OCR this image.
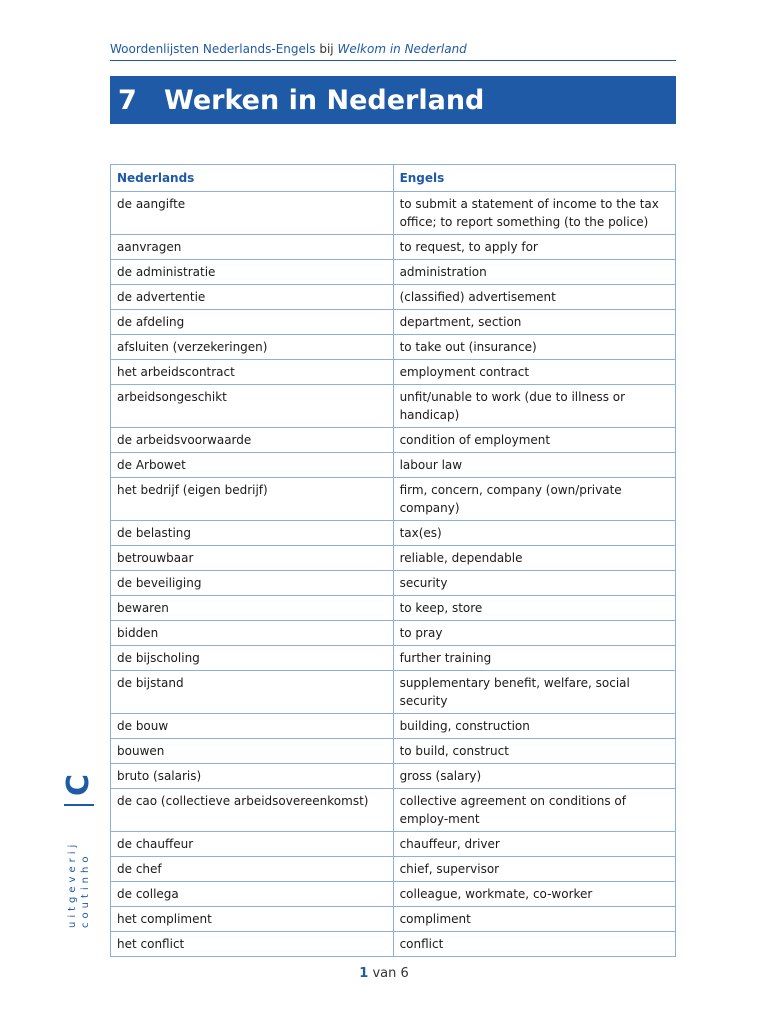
Woordenlijsten Nederlands-Engels bij Welkom in Nederland
7	Werken in Nederland
Nederlands	Engels
de aangifte	to submit a statement of income to the tax office; to report something (to the police)
aanvragen	to request, to apply for
de administratie	administration
de advertentie	(classified) advertisement
de afdeling	department, section
afsluiten (verzekeringen)	to take out (insurance)
het arbeidscontract	employment contract
arbeidsongeschikt	unfit/unable to work (due to illness or handicap)
de arbeidsvoorwaarde	condition of employment
de Arbowet	labour law
het bedrijf (eigen bedrijf)	firm, concern, company (own/private company)
de belasting	tax(es)
betrouwbaar	reliable, dependable
de beveiliging	security
bewaren	to keep, store
bidden	to pray
de bijscholing	further training
de bijstand	supplementary benefit, welfare, social security
de bouw	building, construction
bouwen	to build, construct
bruto (salaris)	gross (salary)
de cao (collectieve arbeidsovereenkomst)	collective agreement on conditions of employ-ment
de chauffeur	chauffeur, driver
de chef	chief, supervisor
de collega	colleague, workmate, co-worker
het compliment	compliment
het conflict	conflict
C
uitgeverij coutinho
1 van 6
